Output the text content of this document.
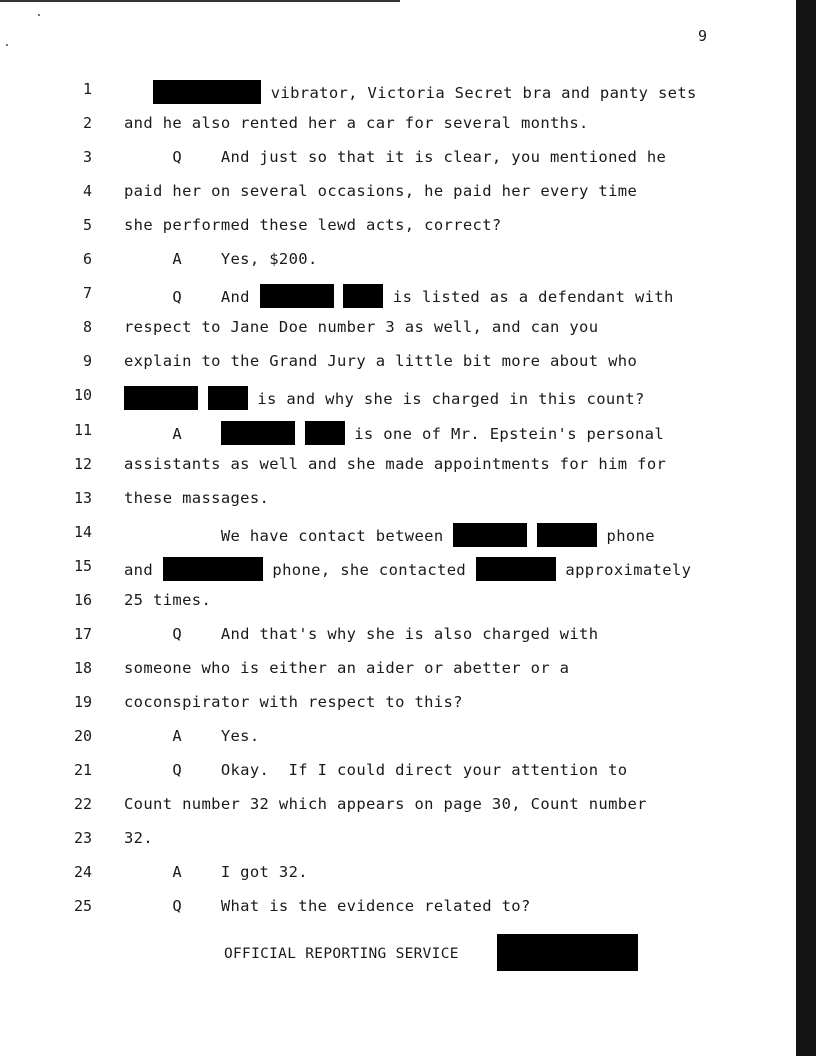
9
1	vibrator, Victoria Secret bra and panty sets
2 and he also rented her a car for several months.
3 Q    And just so that it is clear, you mentioned he
4 paid her on several occasions, he paid her every time
5 she performed these lewd acts, correct?
6 A    Yes, $200.
7 Q    And	is listed as a defendant with
8 respect to Jane Doe number 3 as well, and can you
9 explain to the Grand Jury a little bit more about who
10	is and why she is charged in this count?
11 A	is one of Mr. Epstein's personal
12 assistants as well and she made appointments for him for
13 these massages.
14 We have contact between	phone
15 and	phone, she contacted	approximately
16 25 times.
17 Q    And that's why she is also charged with
18 someone who is either an aider or abetter or a
19 coconspirator with respect to this?
20 A    Yes.
21 Q    Okay.  If I could direct your attention to
22 Count number 32 which appears on page 30, Count number
23 32.
24 A    I got 32.
25 Q    What is the evidence related to?
OFFICIAL REPORTING SERVICE
